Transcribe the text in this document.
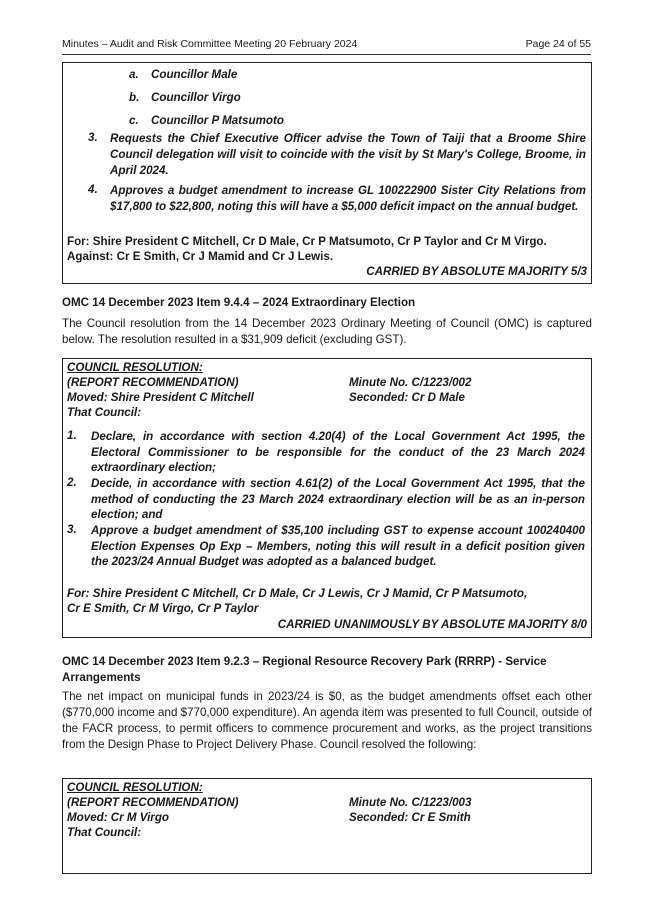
Minutes – Audit and Risk Committee Meeting 20 February 2024	Page 24 of 55
a. Councillor Male
b. Councillor Virgo
c. Councillor P Matsumoto
3. Requests the Chief Executive Officer advise the Town of Taiji that a Broome Shire Council delegation will visit to coincide with the visit by St Mary's College, Broome, in April 2024.
4. Approves a budget amendment to increase GL 100222900 Sister City Relations from $17,800 to $22,800, noting this will have a $5,000 deficit impact on the annual budget.
For: Shire President C Mitchell, Cr D Male, Cr P Matsumoto, Cr P Taylor and Cr M Virgo.
Against: Cr E Smith, Cr J Mamid and Cr J Lewis.
CARRIED BY ABSOLUTE MAJORITY 5/3
OMC 14 December 2023 Item 9.4.4 – 2024 Extraordinary Election
The Council resolution from the 14 December 2023 Ordinary Meeting of Council (OMC) is captured below. The resolution resulted in a $31,909 deficit (excluding GST).
COUNCIL RESOLUTION:
(REPORT RECOMMENDATION)	Minute No. C/1223/002
Moved: Shire President C Mitchell	Seconded: Cr D Male
That Council:
1. Declare, in accordance with section 4.20(4) of the Local Government Act 1995, the Electoral Commissioner to be responsible for the conduct of the 23 March 2024 extraordinary election;
2. Decide, in accordance with section 4.61(2) of the Local Government Act 1995, that the method of conducting the 23 March 2024 extraordinary election will be as an in-person election; and
3. Approve a budget amendment of $35,100 including GST to expense account 100240400 Election Expenses Op Exp – Members, noting this will result in a deficit position given the 2023/24 Annual Budget was adopted as a balanced budget.
For: Shire President C Mitchell, Cr D Male, Cr J Lewis, Cr J Mamid, Cr P Matsumoto,
Cr E Smith, Cr M Virgo, Cr P Taylor
CARRIED UNANIMOUSLY BY ABSOLUTE MAJORITY 8/0
OMC 14 December 2023 Item 9.2.3 – Regional Resource Recovery Park (RRRP) - Service
Arrangements
The net impact on municipal funds in 2023/24 is $0, as the budget amendments offset each other ($770,000 income and $770,000 expenditure). An agenda item was presented to full Council, outside of the FACR process, to permit officers to commence procurement and works, as the project transitions from the Design Phase to Project Delivery Phase. Council resolved the following:
COUNCIL RESOLUTION:
(REPORT RECOMMENDATION)	Minute No. C/1223/003
Moved: Cr M Virgo	Seconded: Cr E Smith
That Council:
